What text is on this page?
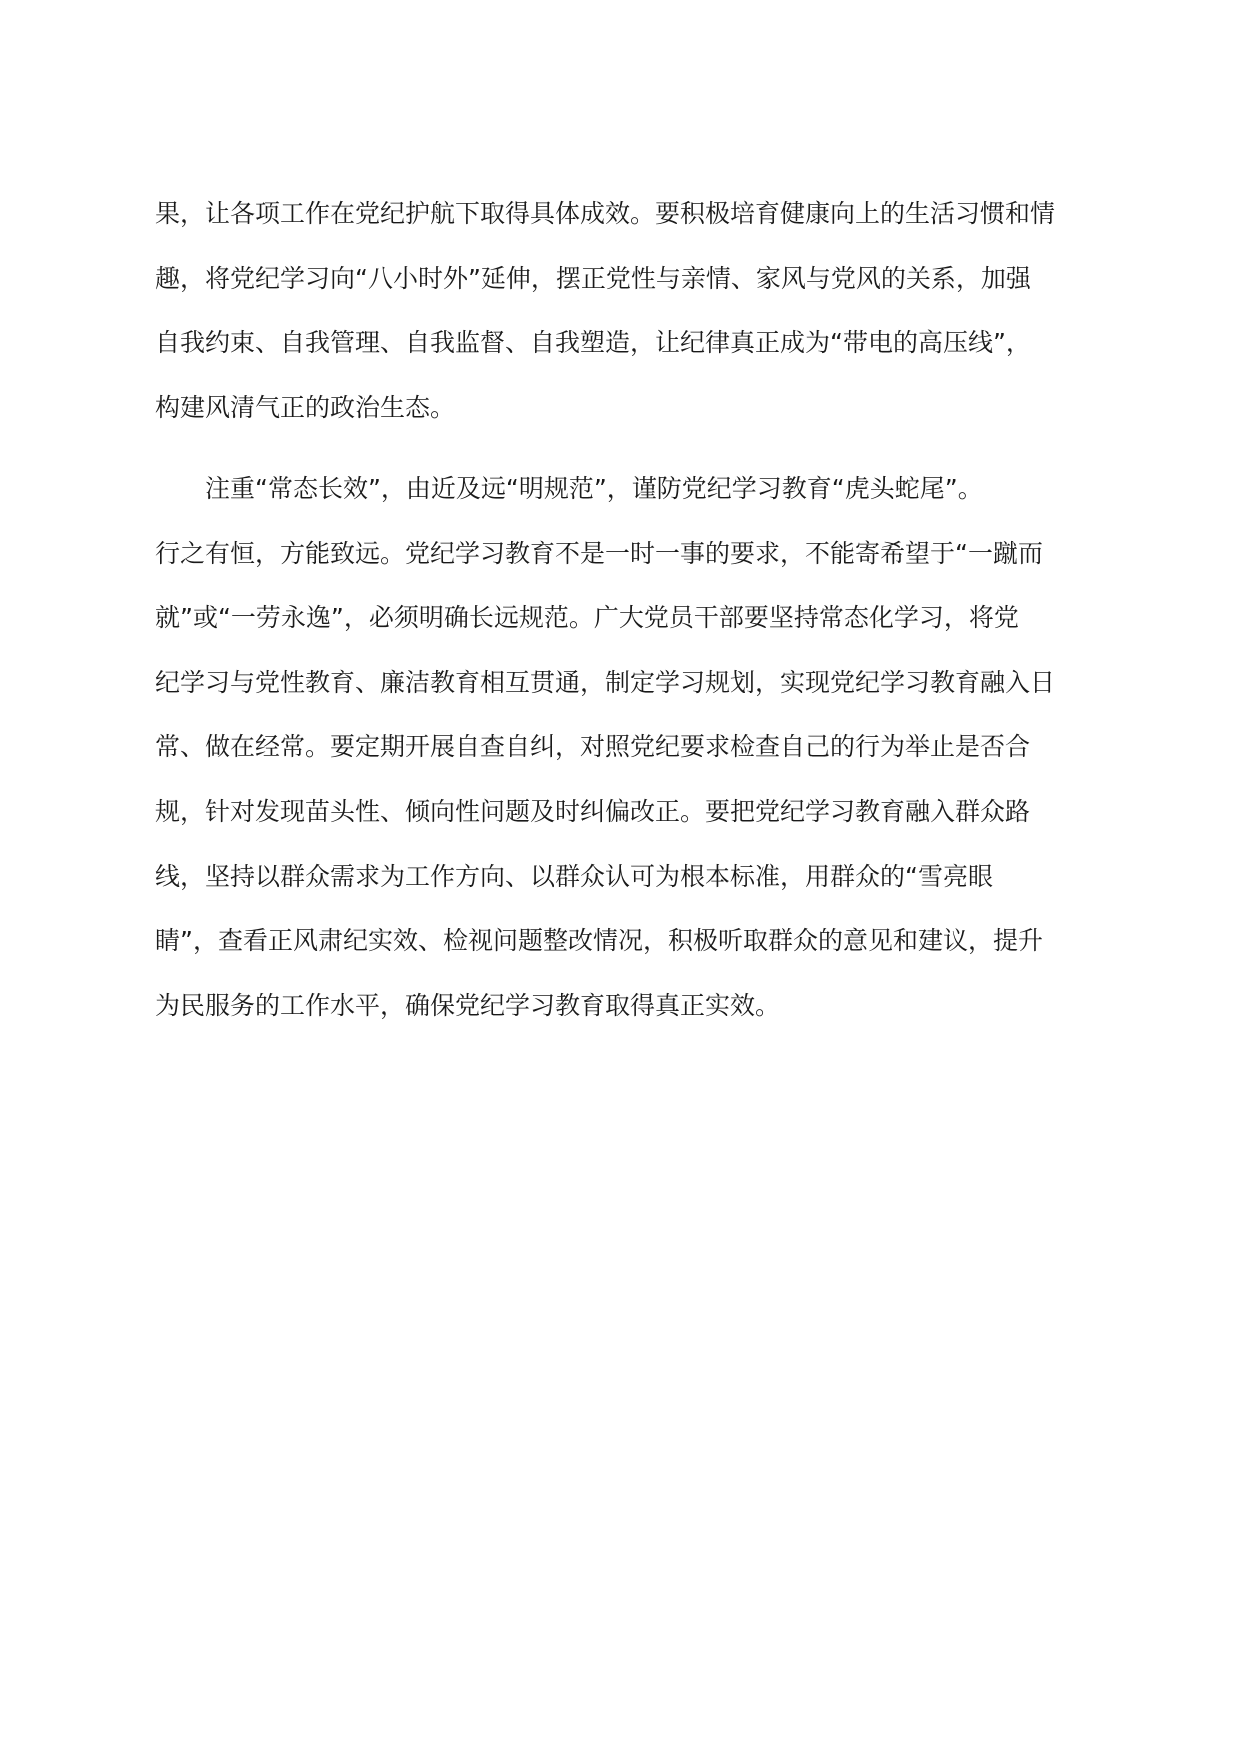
果，让各项工作在党纪护航下取得具体成效。要积极培育健康向上的生活习惯和情
趣，将党纪学习向“八小时外”延伸，摆正党性与亲情、家风与党风的关系，加强
自我约束、自我管理、自我监督、自我塑造，让纪律真正成为“带电的高压线”，
构建风清气正的政治生态。
注重“常态长效”，由近及远“明规范”，谨防党纪学习教育“虎头蛇尾”。
行之有恒，方能致远。党纪学习教育不是一时一事的要求，不能寄希望于“一蹴而
就”或“一劳永逸”，必须明确长远规范。广大党员干部要坚持常态化学习，将党
纪学习与党性教育、廉洁教育相互贯通，制定学习规划，实现党纪学习教育融入日
常、做在经常。要定期开展自查自纠，对照党纪要求检查自己的行为举止是否合
规，针对发现苗头性、倾向性问题及时纠偏改正。要把党纪学习教育融入群众路
线，坚持以群众需求为工作方向、以群众认可为根本标准，用群众的“雪亮眼
睛”，查看正风肃纪实效、检视问题整改情况，积极听取群众的意见和建议，提升
为民服务的工作水平，确保党纪学习教育取得真正实效。
